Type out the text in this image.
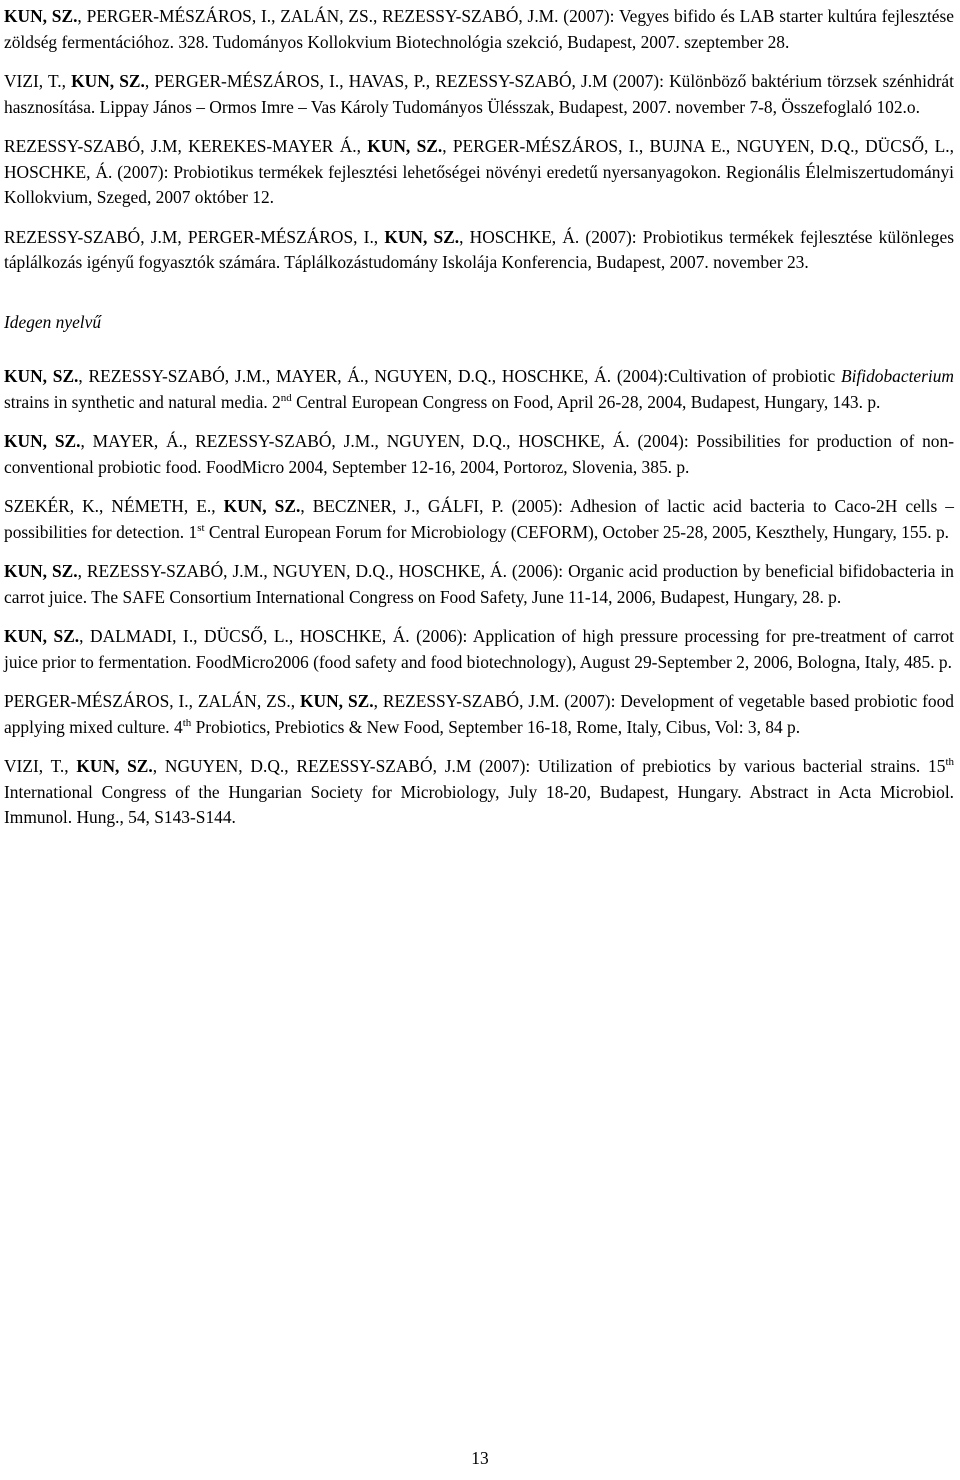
KUN, SZ., PERGER-MÉSZÁROS, I., ZALÁN, ZS., REZESSY-SZABÓ, J.M. (2007): Vegyes bifido és LAB starter kultúra fejlesztése zöldség fermentációhoz. 328. Tudományos Kollokvium Biotechnológia szekció, Budapest, 2007. szeptember 28.

VIZI, T., KUN, SZ., PERGER-MÉSZÁROS, I., HAVAS, P., REZESSY-SZABÓ, J.M (2007): Különböző baktérium törzsek szénhidrát hasznosítása. Lippay János – Ormos Imre – Vas Károly Tudományos Ülésszak, Budapest, 2007. november 7-8, Összefoglaló 102.o.

REZESSY-SZABÓ, J.M, KEREKES-MAYER Á., KUN, SZ., PERGER-MÉSZÁROS, I., BUJNA E., NGUYEN, D.Q., DÜCSŐ, L., HOSCHKE, Á. (2007): Probiotikus termékek fejlesztési lehetőségei növényi eredetű nyersanyagokon. Regionális Élelmiszertudományi Kollokvium, Szeged, 2007 október 12.

REZESSY-SZABÓ, J.M, PERGER-MÉSZÁROS, I., KUN, SZ., HOSCHKE, Á. (2007): Probiotikus termékek fejlesztése különleges táplálkozás igényű fogyasztók számára. Táplálkozástudomány Iskolája Konferencia, Budapest, 2007. november 23.

Idegen nyelvű

KUN, SZ., REZESSY-SZABÓ, J.M., MAYER, Á., NGUYEN, D.Q., HOSCHKE, Á. (2004):Cultivation of probiotic Bifidobacterium strains in synthetic and natural media. 2nd Central European Congress on Food, April 26-28, 2004, Budapest, Hungary, 143. p.

KUN, SZ., MAYER, Á., REZESSY-SZABÓ, J.M., NGUYEN, D.Q., HOSCHKE, Á. (2004): Possibilities for production of non-conventional probiotic food. FoodMicro 2004, September 12-16, 2004, Portoroz, Slovenia, 385. p.

SZEKÉR, K., NÉMETH, E., KUN, SZ., BECZNER, J., GÁLFI, P. (2005): Adhesion of lactic acid bacteria to Caco-2H cells – possibilities for detection. 1st Central European Forum for Microbiology (CEFORM), October 25-28, 2005, Keszthely, Hungary, 155. p.

KUN, SZ., REZESSY-SZABÓ, J.M., NGUYEN, D.Q., HOSCHKE, Á. (2006): Organic acid production by beneficial bifidobacteria in carrot juice. The SAFE Consortium International Congress on Food Safety, June 11-14, 2006, Budapest, Hungary, 28. p.

KUN, SZ., DALMADI, I., DÜCSŐ, L., HOSCHKE, Á. (2006): Application of high pressure processing for pre-treatment of carrot juice prior to fermentation. FoodMicro2006 (food safety and food biotechnology), August 29-September 2, 2006, Bologna, Italy, 485. p.

PERGER-MÉSZÁROS, I., ZALÁN, ZS., KUN, SZ., REZESSY-SZABÓ, J.M. (2007): Development of vegetable based probiotic food applying mixed culture. 4th Probiotics, Prebiotics & New Food, September 16-18, Rome, Italy, Cibus, Vol: 3, 84 p.

VIZI, T., KUN, SZ., NGUYEN, D.Q., REZESSY-SZABÓ, J.M (2007): Utilization of prebiotics by various bacterial strains. 15th International Congress of the Hungarian Society for Microbiology, July 18-20, Budapest, Hungary. Abstract in Acta Microbiol. Immunol. Hung., 54, S143-S144.

13
